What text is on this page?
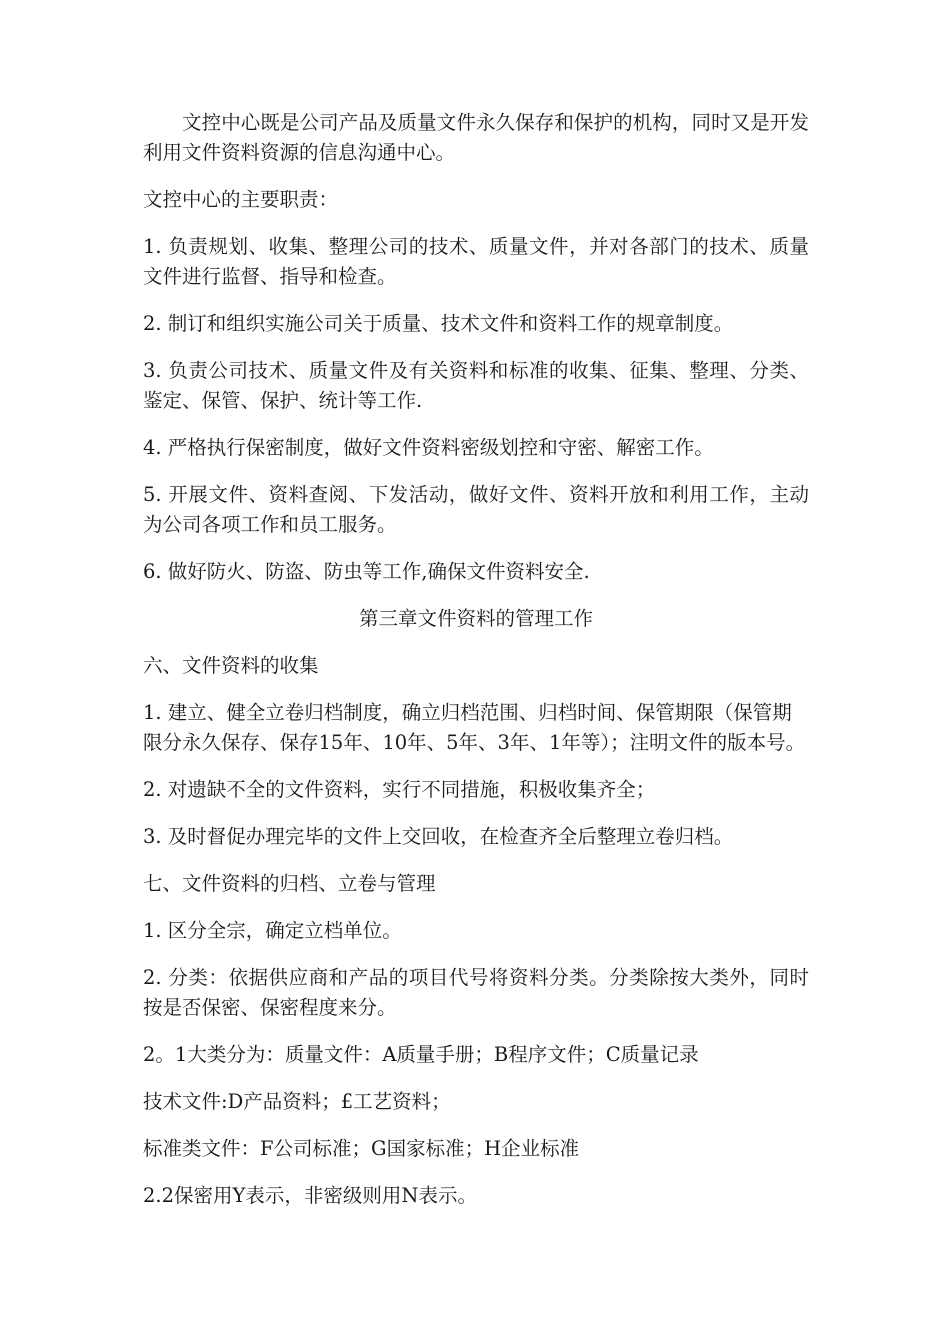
文控中心既是公司产品及质量文件永久保存和保护的机构，同时又是开发利用文件资料资源的信息沟通中心。

文控中心的主要职责：

1. 负责规划、收集、整理公司的技术、质量文件，并对各部门的技术、质量文件进行监督、指导和检查。

2. 制订和组织实施公司关于质量、技术文件和资料工作的规章制度。

3. 负责公司技术、质量文件及有关资料和标准的收集、征集、整理、分类、鉴定、保管、保护、统计等工作.

4. 严格执行保密制度，做好文件资料密级划控和守密、解密工作。

5. 开展文件、资料查阅、下发活动，做好文件、资料开放和利用工作，主动为公司各项工作和员工服务。

6. 做好防火、防盗、防虫等工作,确保文件资料安全.

第三章文件资料的管理工作

六、文件资料的收集

1. 建立、健全立卷归档制度，确立归档范围、归档时间、保管期限（保管期限分永久保存、保存15年、10年、5年、3年、1年等）；注明文件的版本号。

2. 对遗缺不全的文件资料，实行不同措施，积极收集齐全；

3. 及时督促办理完毕的文件上交回收，在检查齐全后整理立卷归档。

七、文件资料的归档、立卷与管理

1. 区分全宗，确定立档单位。

2. 分类：依据供应商和产品的项目代号将资料分类。分类除按大类外，同时按是否保密、保密程度来分。

2。1大类分为：质量文件：A质量手册；B程序文件；C质量记录

技术文件:D产品资料；£工艺资料；

标准类文件：F公司标准；G国家标准；H企业标准

2.2保密用Y表示，非密级则用N表示。
